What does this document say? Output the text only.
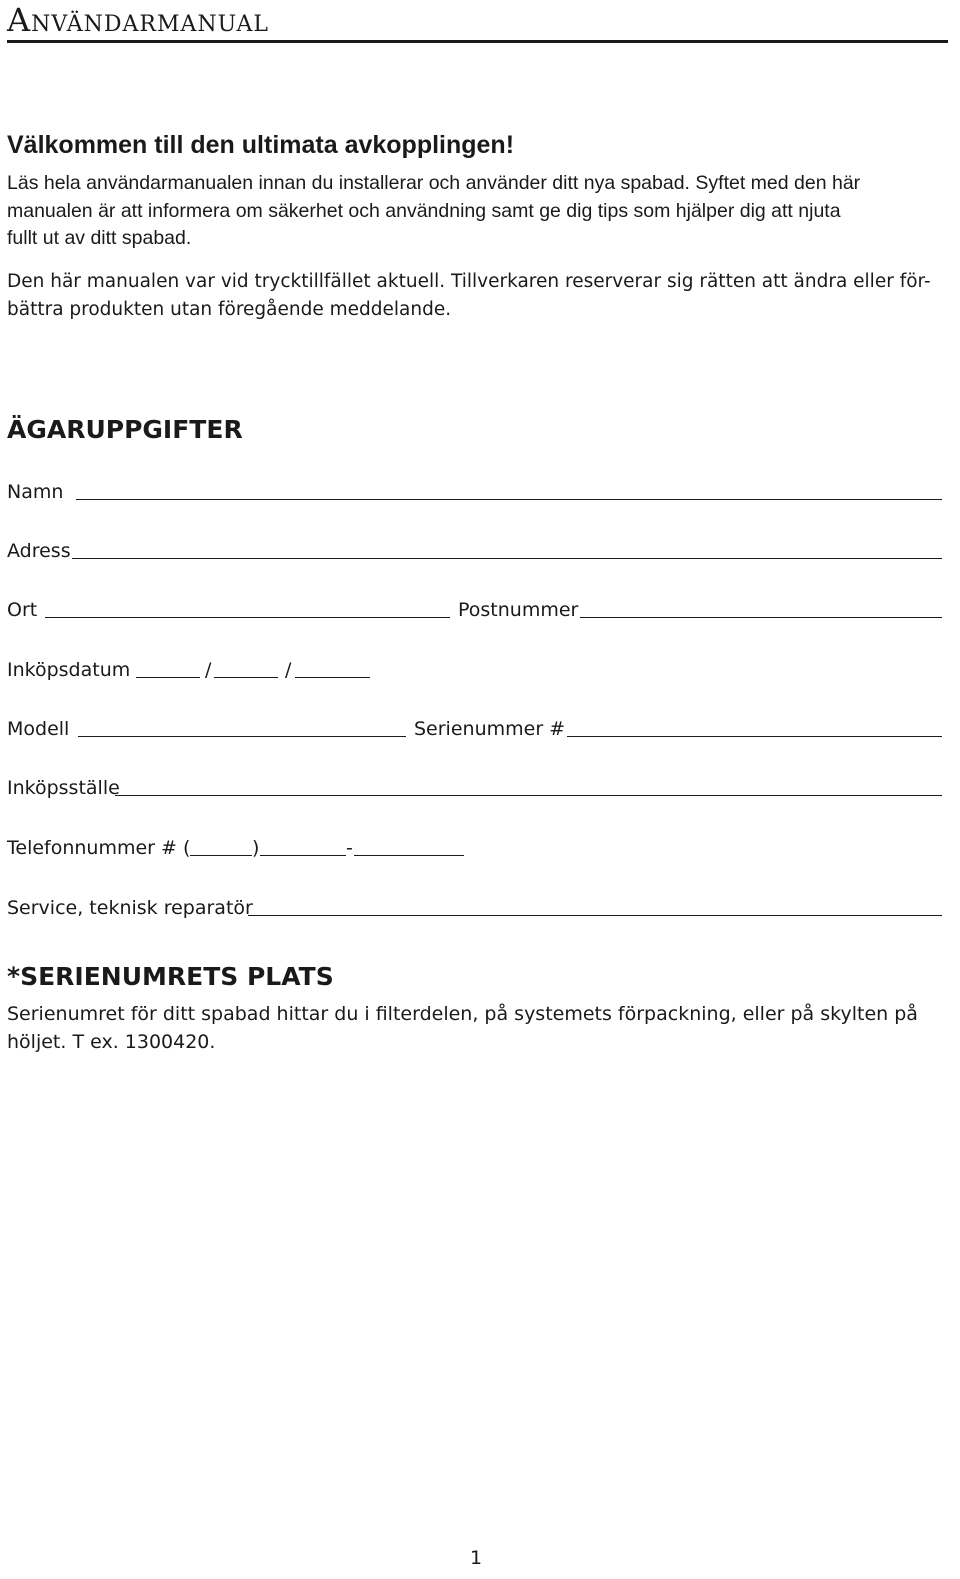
Användarmanual
Välkommen till den ultimata avkopplingen!
Läs hela användarmanualen innan du installerar och använder ditt nya spabad. Syftet med den här
manualen är att informera om säkerhet och användning samt ge dig tips som hjälper dig att njuta
fullt ut av ditt spabad.
Den här manualen var vid trycktillfället aktuell. Tillverkaren reserverar sig rätten att ändra eller för-
bättra produkten utan föregående meddelande.
ÄGARUPPGIFTER
Namn
Adress
Ort	Postnummer
Inköpsdatum	/	/
Modell	Serienummer #
Inköpsställe
Telefonnummer # (	)	-
Service, teknisk reparatör
*SERIENUMRETS PLATS
Serienumret för ditt spabad hittar du i filterdelen, på systemets förpackning, eller på skylten på
höljet. T ex. 1300420.
1
